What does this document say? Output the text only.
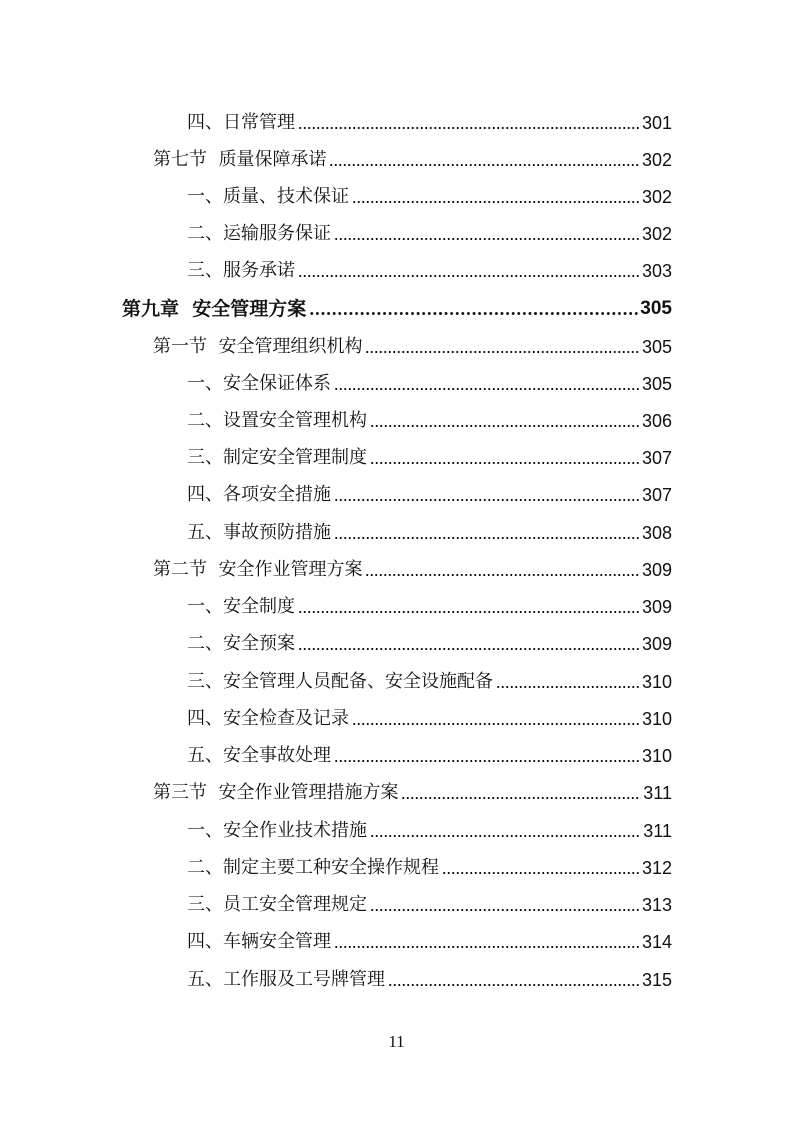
四、 日常管理	301
第七节 质量保障承诺	302
一、 质量、技术保证	302
二、 运输服务保证	302
三、 服务承诺	303
第九章 安全管理方案	305
第一节 安全管理组织机构	305
一、 安全保证体系	305
二、 设置安全管理机构	306
三、 制定安全管理制度	307
四、 各项安全措施	307
五、 事故预防措施	308
第二节 安全作业管理方案	309
一、 安全制度	309
二、 安全预案	309
三、 安全管理人员配备、安全设施配备	310
四、 安全检查及记录	310
五、 安全事故处理	310
第三节 安全作业管理措施方案	311
一、 安全作业技术措施	311
二、 制定主要工种安全操作规程	312
三、 员工安全管理规定	313
四、 车辆安全管理	314
五、 工作服及工号牌管理	315
11
